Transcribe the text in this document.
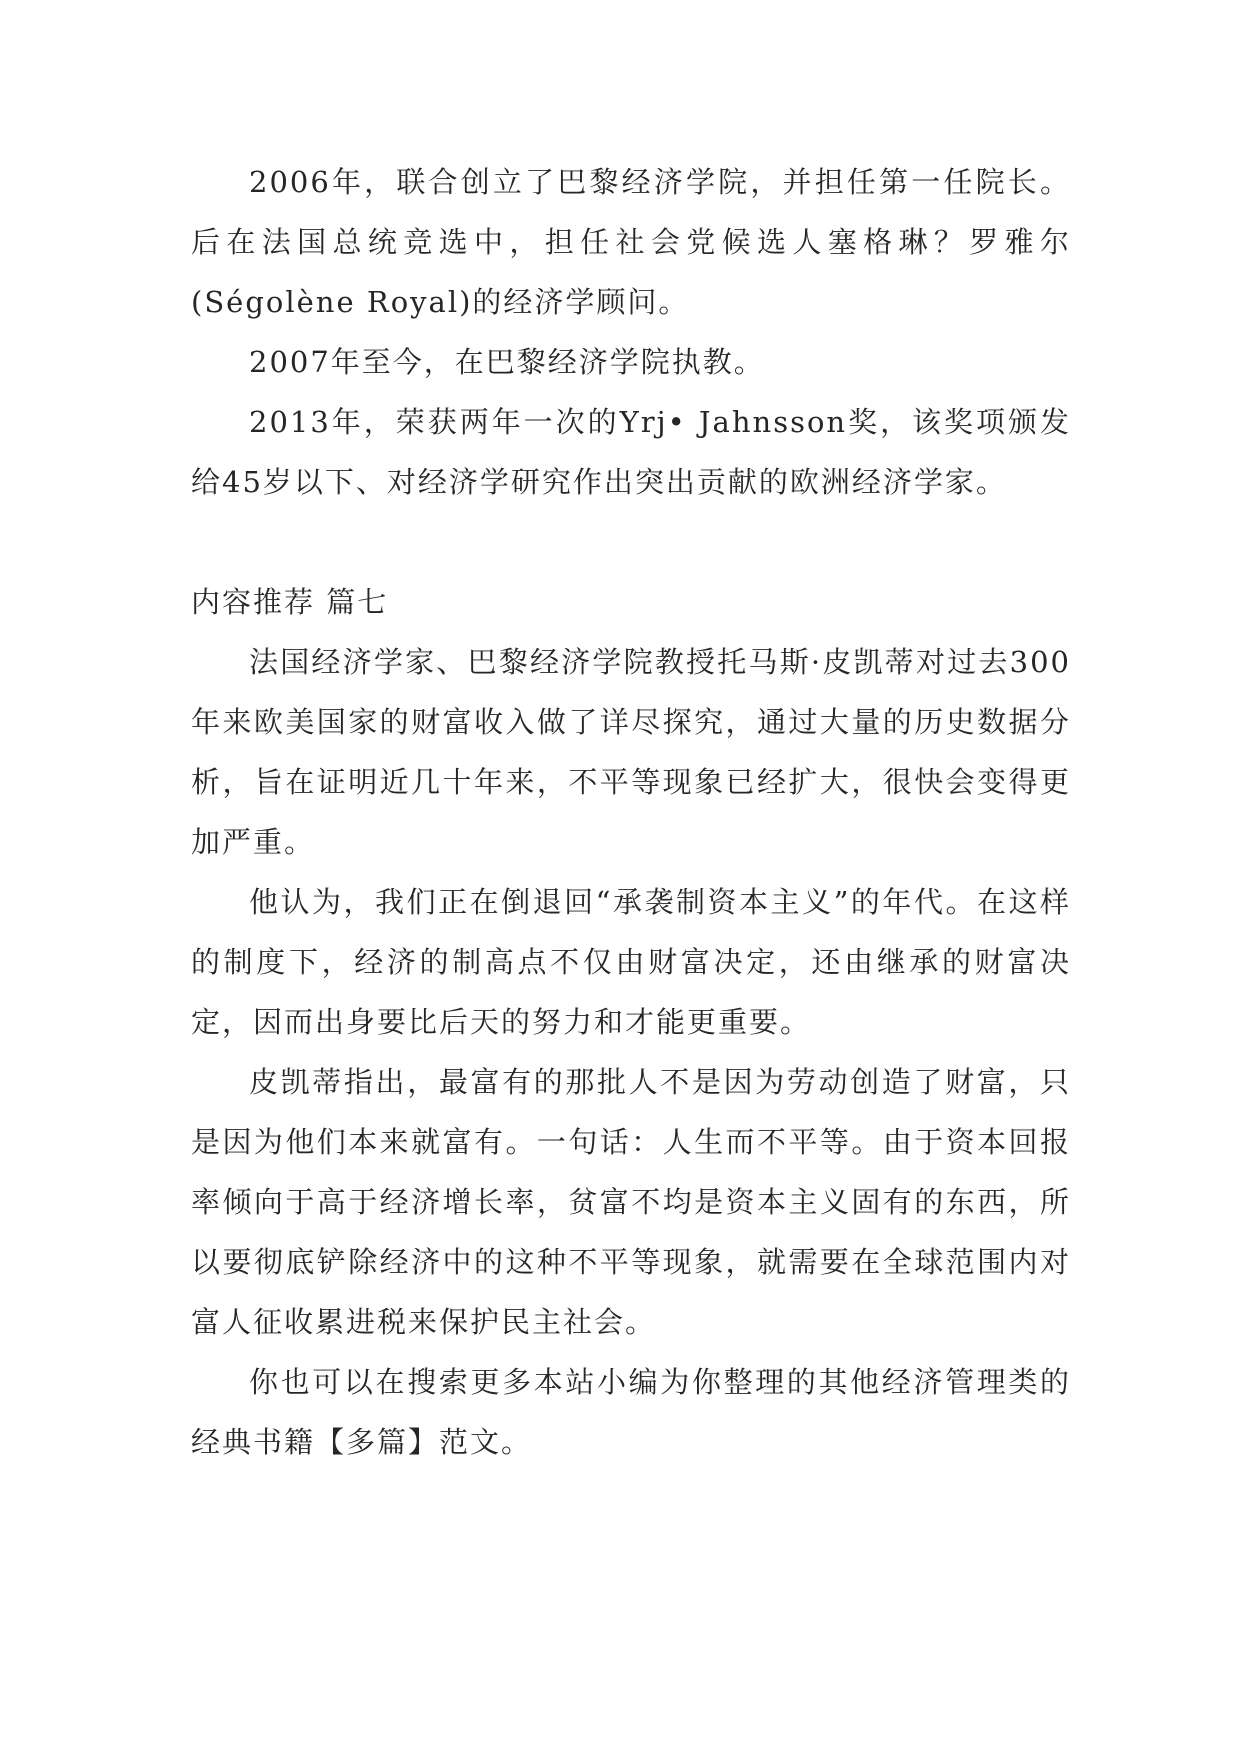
2006年，联合创立了巴黎经济学院，并担任第一任院长。后在法国总统竞选中，担任社会党候选人塞格琳？罗雅尔(Ségolène Royal)的经济学顾问。

2007年至今，在巴黎经济学院执教。

2013年，荣获两年一次的Yrj• Jahnsson奖，该奖项颁发给45岁以下、对经济学研究作出突出贡献的欧洲经济学家。

内容推荐 篇七

法国经济学家、巴黎经济学院教授托马斯·皮凯蒂对过去300年来欧美国家的财富收入做了详尽探究，通过大量的历史数据分析，旨在证明近几十年来，不平等现象已经扩大，很快会变得更加严重。

他认为，我们正在倒退回“承袭制资本主义”的年代。在这样的制度下，经济的制高点不仅由财富决定，还由继承的财富决定，因而出身要比后天的努力和才能更重要。

皮凯蒂指出，最富有的那批人不是因为劳动创造了财富，只是因为他们本来就富有。一句话：人生而不平等。由于资本回报率倾向于高于经济增长率，贫富不均是资本主义固有的东西，所以要彻底铲除经济中的这种不平等现象，就需要在全球范围内对富人征收累进税来保护民主社会。

你也可以在搜索更多本站小编为你整理的其他经济管理类的经典书籍【多篇】范文。
